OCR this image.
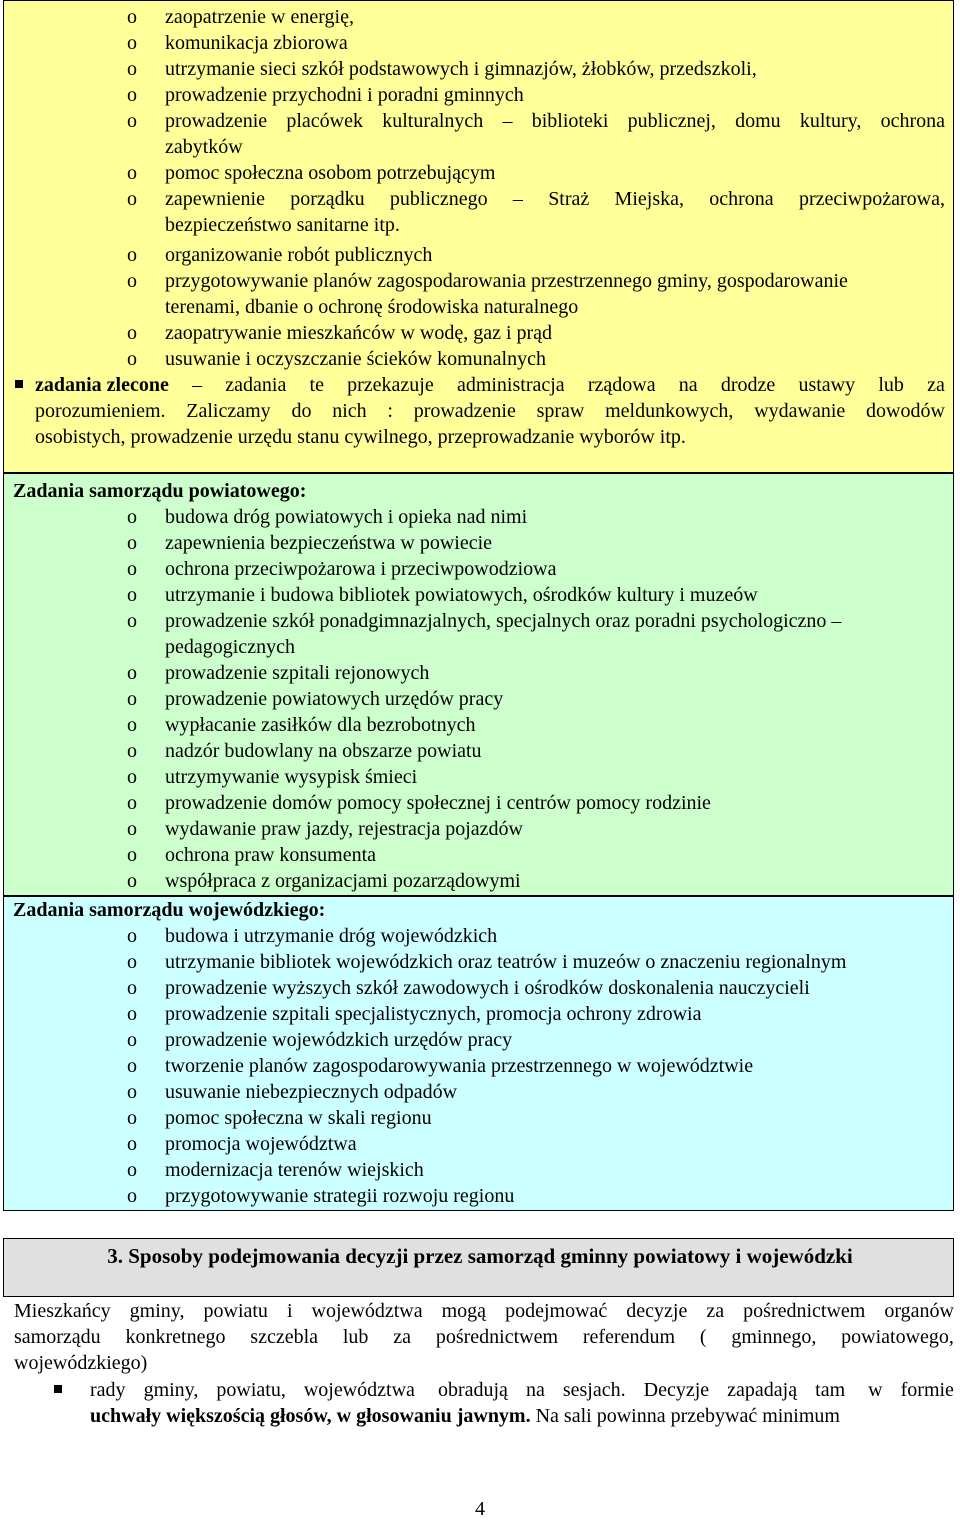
o	zaopatrzenie w energię,
o	komunikacja zbiorowa
o	utrzymanie sieci szkół podstawowych i gimnazjów, żłobków, przedszkoli,
o	prowadzenie przychodni i poradni gminnych
o	prowadzenie placówek kulturalnych – biblioteki publicznej, domu kultury, ochrona
zabytków
o	pomoc społeczna osobom potrzebującym
o	zapewnienie porządku publicznego – Straż Miejska, ochrona przeciwpożarowa,
bezpieczeństwo sanitarne itp.
o	organizowanie robót publicznych
o	przygotowywanie planów zagospodarowania przestrzennego gminy, gospodarowanie
terenami, dbanie o ochronę środowiska naturalnego
o	zaopatrywanie mieszkańców w wodę, gaz i prąd
o	usuwanie i oczyszczanie ścieków komunalnych
zadania zlecone – zadania te przekazuje administracja rządowa na drodze ustawy lub za
porozumieniem. Zaliczamy do nich : prowadzenie spraw meldunkowych, wydawanie dowodów
osobistych, prowadzenie urzędu stanu cywilnego, przeprowadzanie wyborów itp.
Zadania samorządu powiatowego:
o	budowa dróg powiatowych i opieka nad nimi
o	zapewnienia bezpieczeństwa w powiecie
o	ochrona przeciwpożarowa i przeciwpowodziowa
o	utrzymanie i budowa bibliotek powiatowych, ośrodków kultury i muzeów
o	prowadzenie szkół ponadgimnazjalnych, specjalnych oraz poradni psychologiczno –
pedagogicznych
o	prowadzenie szpitali rejonowych
o	prowadzenie powiatowych urzędów pracy
o	wypłacanie zasiłków dla bezrobotnych
o	nadzór budowlany na obszarze powiatu
o	utrzymywanie wysypisk śmieci
o	prowadzenie domów pomocy społecznej i centrów pomocy rodzinie
o	wydawanie praw jazdy, rejestracja pojazdów
o	ochrona praw konsumenta
o	współpraca z organizacjami pozarządowymi
Zadania samorządu wojewódzkiego:
o	budowa i utrzymanie dróg wojewódzkich
o	utrzymanie bibliotek wojewódzkich oraz teatrów i muzeów o znaczeniu regionalnym
o	prowadzenie wyższych szkół zawodowych i ośrodków doskonalenia nauczycieli
o	prowadzenie szpitali specjalistycznych, promocja ochrony zdrowia
o	prowadzenie wojewódzkich urzędów pracy
o	tworzenie planów zagospodarowywania przestrzennego w województwie
o	usuwanie niebezpiecznych odpadów
o	pomoc społeczna w skali regionu
o	promocja województwa
o	modernizacja terenów wiejskich
o	przygotowywanie strategii rozwoju regionu
3. Sposoby podejmowania decyzji przez samorząd gminny powiatowy i wojewódzki
Mieszkańcy gminy, powiatu i województwa mogą podejmować decyzje za pośrednictwem organów
samorządu konkretnego szczebla lub za pośrednictwem referendum ( gminnego, powiatowego,
wojewódzkiego)
rady gminy, powiatu, województwa obradują na sesjach. Decyzje zapadają tam w formie
uchwały większością głosów, w głosowaniu jawnym. Na sali powinna przebywać minimum
4
